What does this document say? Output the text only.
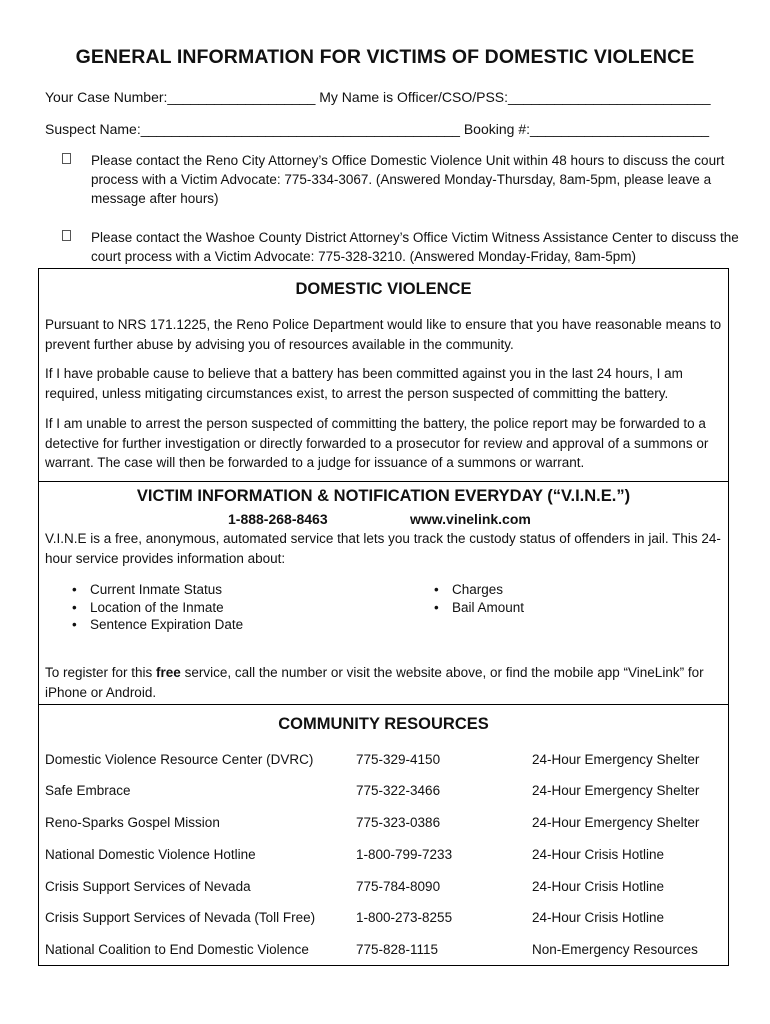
GENERAL INFORMATION FOR VICTIMS OF DOMESTIC VIOLENCE
Your Case Number:___________________ My Name is Officer/CSO/PSS:__________________________
Suspect Name:_________________________________________ Booking #:_______________________
Please contact the Reno City Attorney’s Office Domestic Violence Unit within 48 hours to discuss the court process with a Victim Advocate: 775-334-3067. (Answered Monday-Thursday, 8am-5pm, please leave a message after hours)
Please contact the Washoe County District Attorney’s Office Victim Witness Assistance Center to discuss the court process with a Victim Advocate: 775-328-3210. (Answered Monday-Friday, 8am-5pm)
DOMESTIC VIOLENCE
Pursuant to NRS 171.1225, the Reno Police Department would like to ensure that you have reasonable means to prevent further abuse by advising you of resources available in the community.
If I have probable cause to believe that a battery has been committed against you in the last 24 hours, I am required, unless mitigating circumstances exist, to arrest the person suspected of committing the battery.
If I am unable to arrest the person suspected of committing the battery, the police report may be forwarded to a detective for further investigation or directly forwarded to a prosecutor for review and approval of a summons or warrant. The case will then be forwarded to a judge for issuance of a summons or warrant.
VICTIM INFORMATION & NOTIFICATION EVERYDAY (“V.I.N.E.”)
1-888-268-8463	www.vinelink.com
V.I.N.E is a free, anonymous, automated service that lets you track the custody status of offenders in jail. This 24-hour service provides information about:
• Current Inmate Status
• Location of the Inmate
• Sentence Expiration Date
• Charges
• Bail Amount
To register for this free service, call the number or visit the website above, or find the mobile app “VineLink” for iPhone or Android.
COMMUNITY RESOURCES
Domestic Violence Resource Center (DVRC)	775-329-4150	24-Hour Emergency Shelter
Safe Embrace	775-322-3466	24-Hour Emergency Shelter
Reno-Sparks Gospel Mission	775-323-0386	24-Hour Emergency Shelter
National Domestic Violence Hotline	1-800-799-7233	24-Hour Crisis Hotline
Crisis Support Services of Nevada	775-784-8090	24-Hour Crisis Hotline
Crisis Support Services of Nevada (Toll Free)	1-800-273-8255	24-Hour Crisis Hotline
National Coalition to End Domestic Violence	775-828-1115	Non-Emergency Resources
